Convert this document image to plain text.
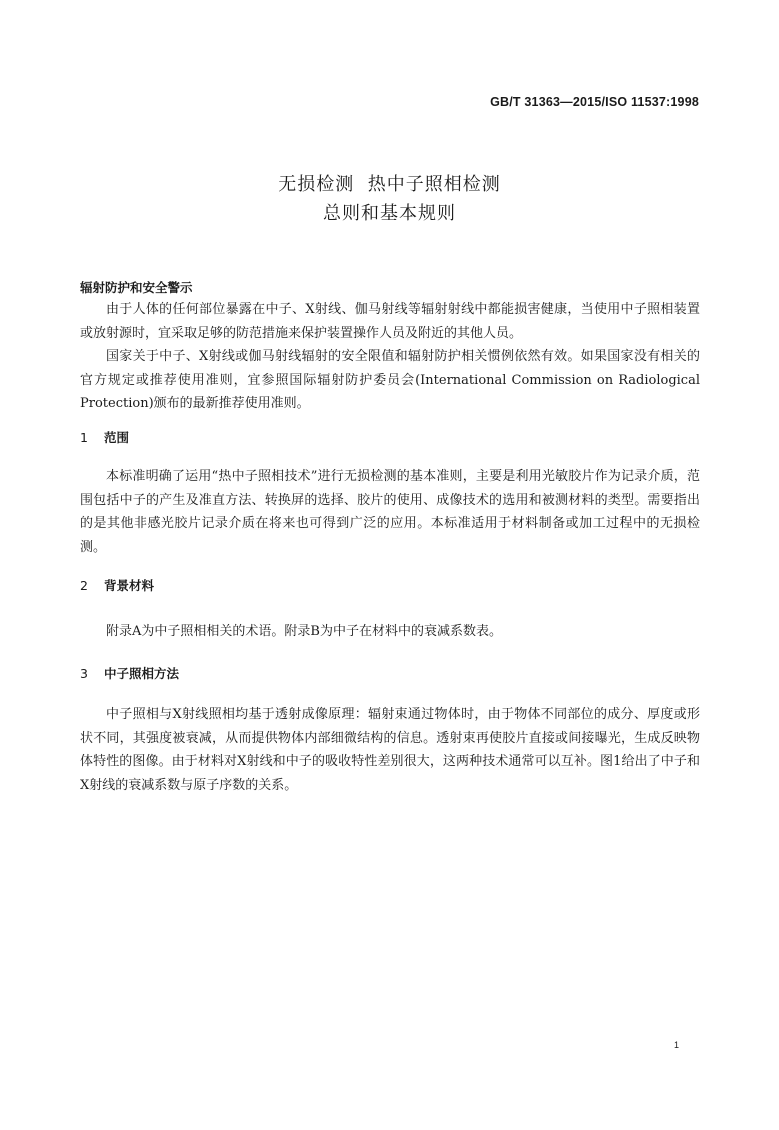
GB/T 31363—2015/ISO 11537:1998
无损检测  热中子照相检测
总则和基本规则
辐射防护和安全警示

由于人体的任何部位暴露在中子、X射线、伽马射线等辐射射线中都能损害健康，当使用中子照相装置或放射源时，宜采取足够的防范措施来保护装置操作人员及附近的其他人员。

国家关于中子、X射线或伽马射线辐射的安全限值和辐射防护相关惯例依然有效。如果国家没有相关的官方规定或推荐使用准则，宜参照国际辐射防护委员会(International Commission on Radiological Protection)颁布的最新推荐使用准则。

1 范围

本标准明确了运用“热中子照相技术”进行无损检测的基本准则，主要是利用光敏胶片作为记录介质，范围包括中子的产生及准直方法、转换屏的选择、胶片的使用、成像技术的选用和被测材料的类型。需要指出的是其他非感光胶片记录介质在将来也可得到广泛的应用。本标准适用于材料制备或加工过程中的无损检测。

2 背景材料

附录A为中子照相相关的术语。附录B为中子在材料中的衰减系数表。

3 中子照相方法

中子照相与X射线照相均基于透射成像原理：辐射束通过物体时，由于物体不同部位的成分、厚度或形状不同，其强度被衰减，从而提供物体内部细微结构的信息。透射束再使胶片直接或间接曝光，生成反映物体特性的图像。由于材料对X射线和中子的吸收特性差别很大，这两种技术通常可以互补。图1给出了中子和X射线的衰减系数与原子序数的关系。

1
